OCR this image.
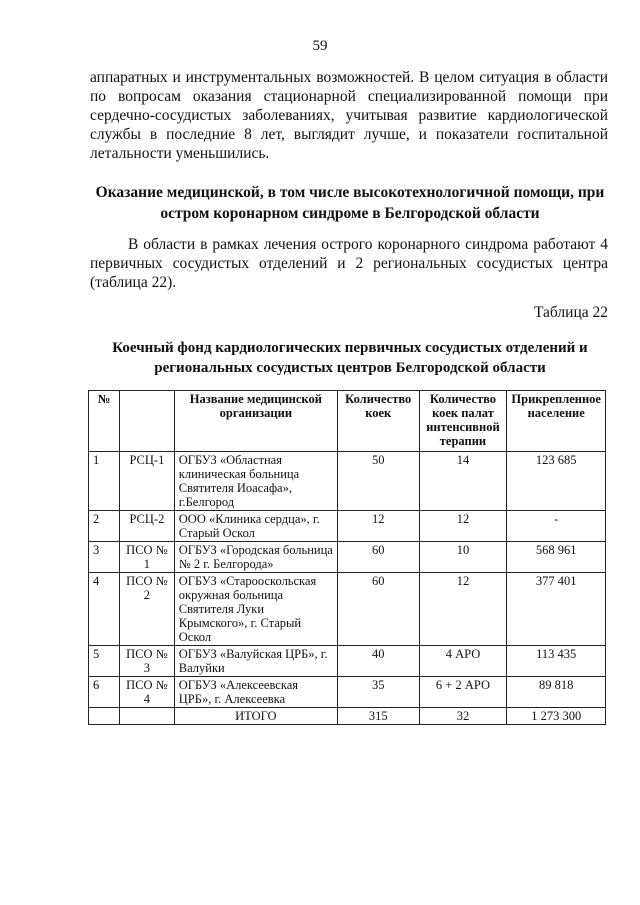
59
аппаратных и инструментальных возможностей. В целом ситуация в области по вопросам оказания стационарной специализированной помощи при сердечно-сосудистых заболеваниях, учитывая развитие кардиологической службы в последние 8 лет, выглядит лучше, и показатели госпитальной летальности уменьшились.
Оказание медицинской, в том числе высокотехнологичной помощи, при остром коронарном синдроме в Белгородской области
В области в рамках лечения острого коронарного синдрома работают 4 первичных сосудистых отделений и 2 региональных сосудистых центра (таблица 22).
Таблица 22
Коечный фонд кардиологических первичных сосудистых отделений и региональных сосудистых центров Белгородской области
№		Название медицинской организации	Количество коек	Количество коек палат интенсивной терапии	Прикрепленное население
1	РСЦ-1	ОГБУЗ «Областная клиническая больница Святителя Иоасафа», г.Белгород	50	14	123 685
2	РСЦ-2	ООО «Клиника сердца», г. Старый Оскол	12	12	-
3	ПСО № 1	ОГБУЗ «Городская больница № 2 г. Белгорода»	60	10	568 961
4	ПСО № 2	ОГБУЗ «Старооскольская окружная больница Святителя Луки Крымского», г. Старый Оскол	60	12	377 401
5	ПСО № 3	ОГБУЗ «Валуйская ЦРБ», г. Валуйки	40	4 АРО	113 435
6	ПСО № 4	ОГБУЗ «Алексеевская ЦРБ», г. Алексеевка	35	6 + 2 АРО	89 818
		ИТОГО	315	32	1 273 300
